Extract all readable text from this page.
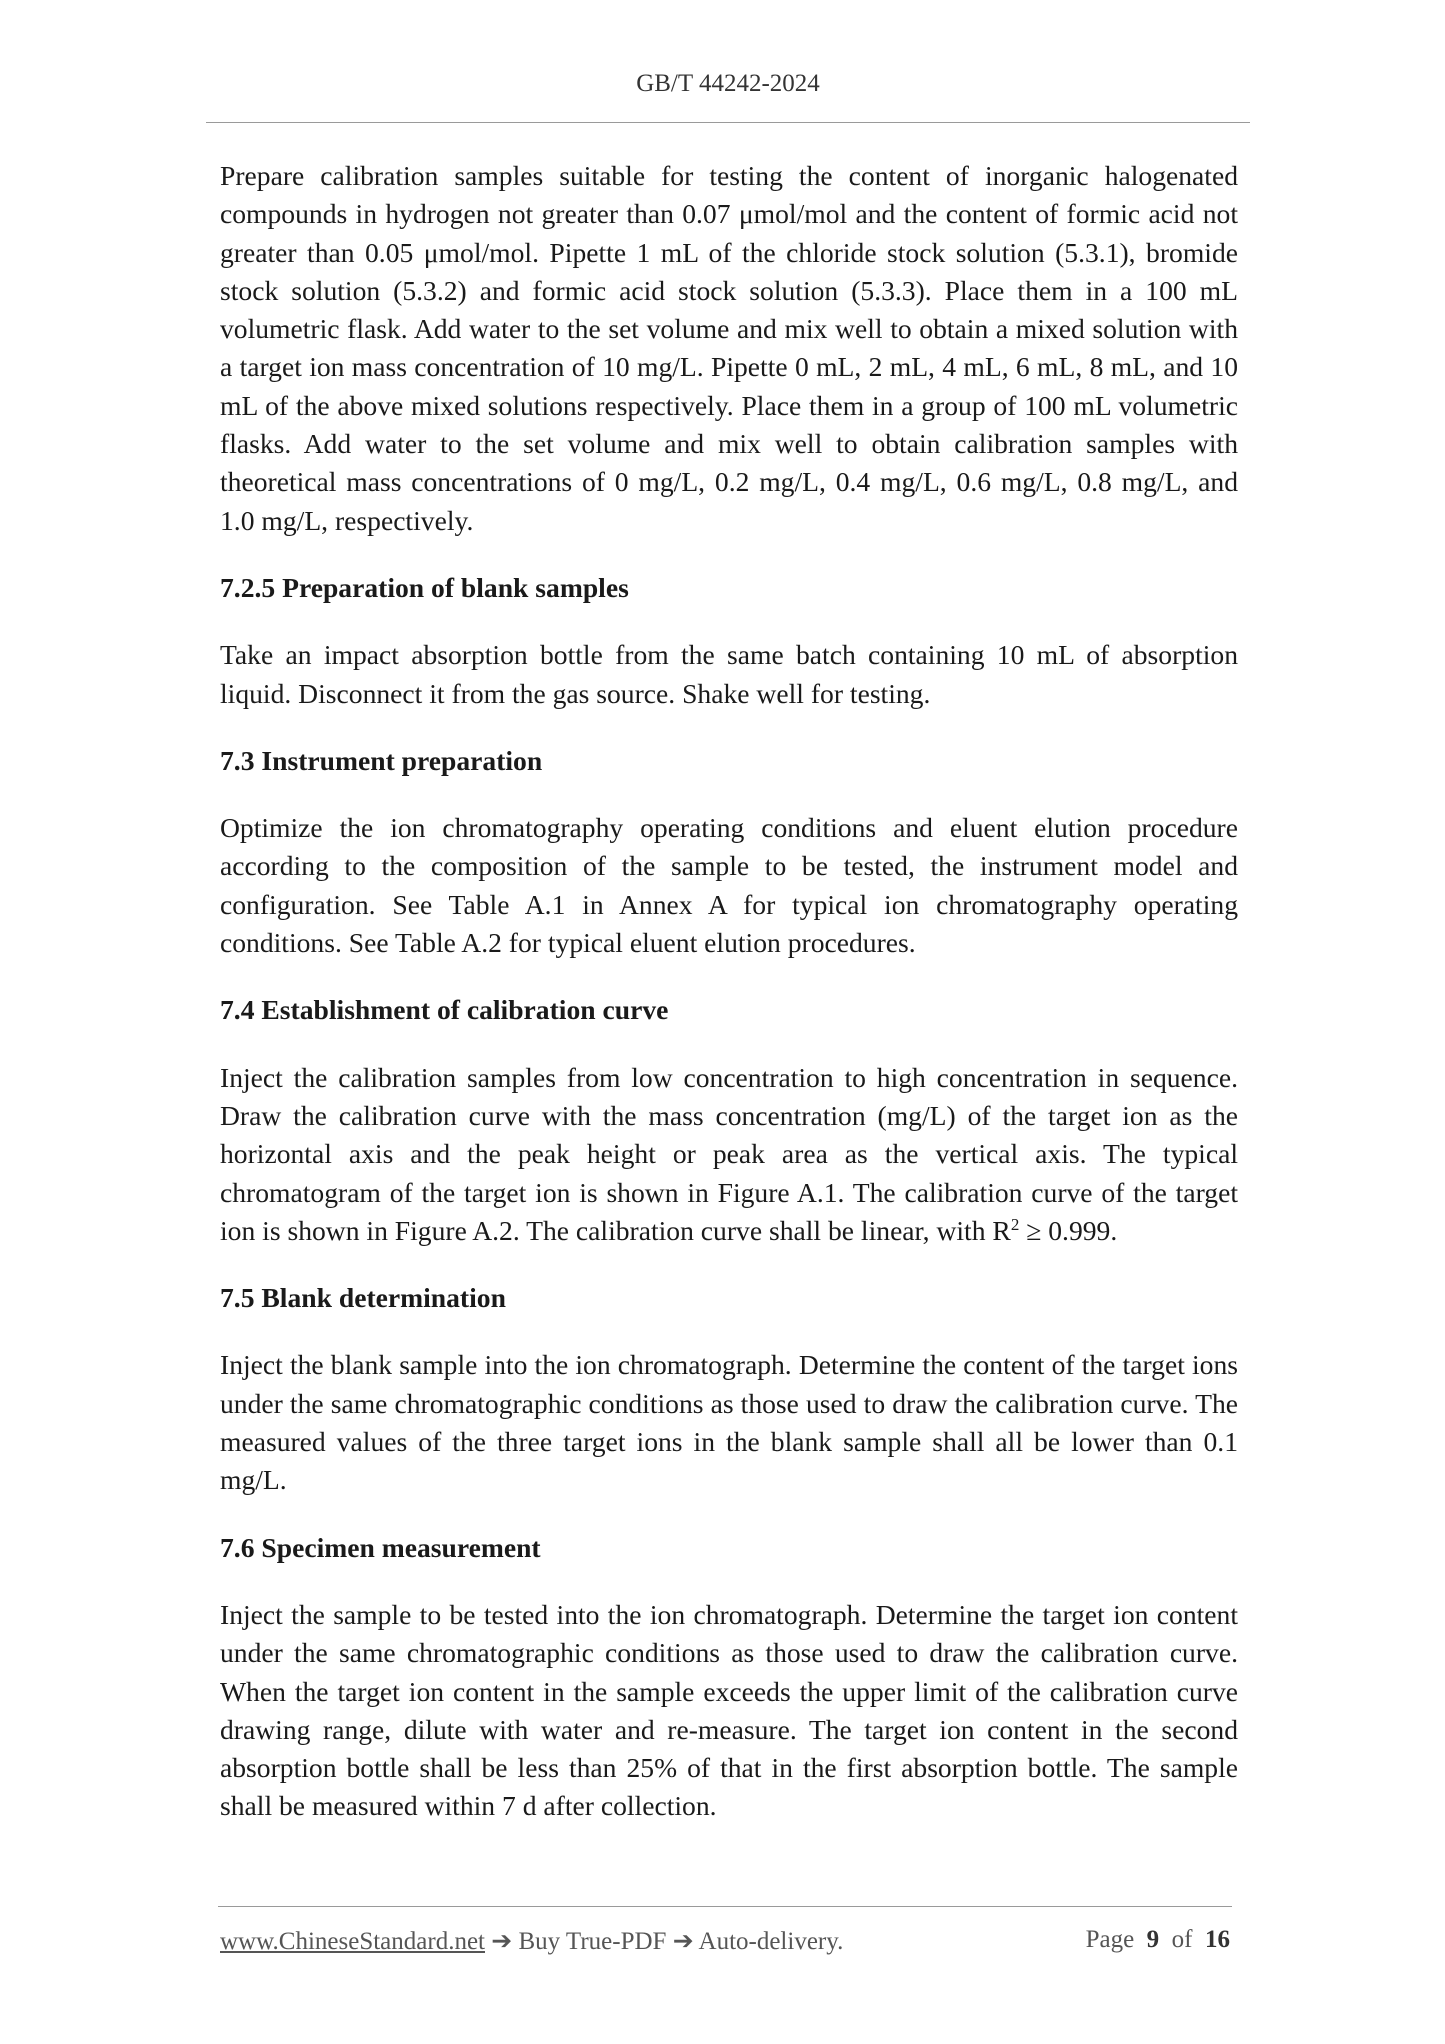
GB/T 44242-2024

Prepare calibration samples suitable for testing the content of inorganic halogenated compounds in hydrogen not greater than 0.07 μmol/mol and the content of formic acid not greater than 0.05 μmol/mol. Pipette 1 mL of the chloride stock solution (5.3.1), bromide stock solution (5.3.2) and formic acid stock solution (5.3.3). Place them in a 100 mL volumetric flask. Add water to the set volume and mix well to obtain a mixed solution with a target ion mass concentration of 10 mg/L. Pipette 0 mL, 2 mL, 4 mL, 6 mL, 8 mL, and 10 mL of the above mixed solutions respectively. Place them in a group of 100 mL volumetric flasks. Add water to the set volume and mix well to obtain calibration samples with theoretical mass concentrations of 0 mg/L, 0.2 mg/L, 0.4 mg/L, 0.6 mg/L, 0.8 mg/L, and 1.0 mg/L, respectively.

7.2.5 Preparation of blank samples

Take an impact absorption bottle from the same batch containing 10 mL of absorption liquid. Disconnect it from the gas source. Shake well for testing.

7.3 Instrument preparation

Optimize the ion chromatography operating conditions and eluent elution procedure according to the composition of the sample to be tested, the instrument model and configuration. See Table A.1 in Annex A for typical ion chromatography operating conditions. See Table A.2 for typical eluent elution procedures.

7.4 Establishment of calibration curve

Inject the calibration samples from low concentration to high concentration in sequence. Draw the calibration curve with the mass concentration (mg/L) of the target ion as the horizontal axis and the peak height or peak area as the vertical axis. The typical chromatogram of the target ion is shown in Figure A.1. The calibration curve of the target ion is shown in Figure A.2. The calibration curve shall be linear, with $R^2 \ge 0.999$.

7.5 Blank determination

Inject the blank sample into the ion chromatograph. Determine the content of the target ions under the same chromatographic conditions as those used to draw the calibration curve. The measured values of the three target ions in the blank sample shall all be lower than 0.1 mg/L.

7.6 Specimen measurement

Inject the sample to be tested into the ion chromatograph. Determine the target ion content under the same chromatographic conditions as those used to draw the calibration curve. When the target ion content in the sample exceeds the upper limit of the calibration curve drawing range, dilute with water and re-measure. The target ion content in the second absorption bottle shall be less than 25% of that in the first absorption bottle. The sample shall be measured within 7 d after collection.

www.ChineseStandard.net ➔ Buy True-PDF ➔ Auto-delivery.	Page 9 of 16
